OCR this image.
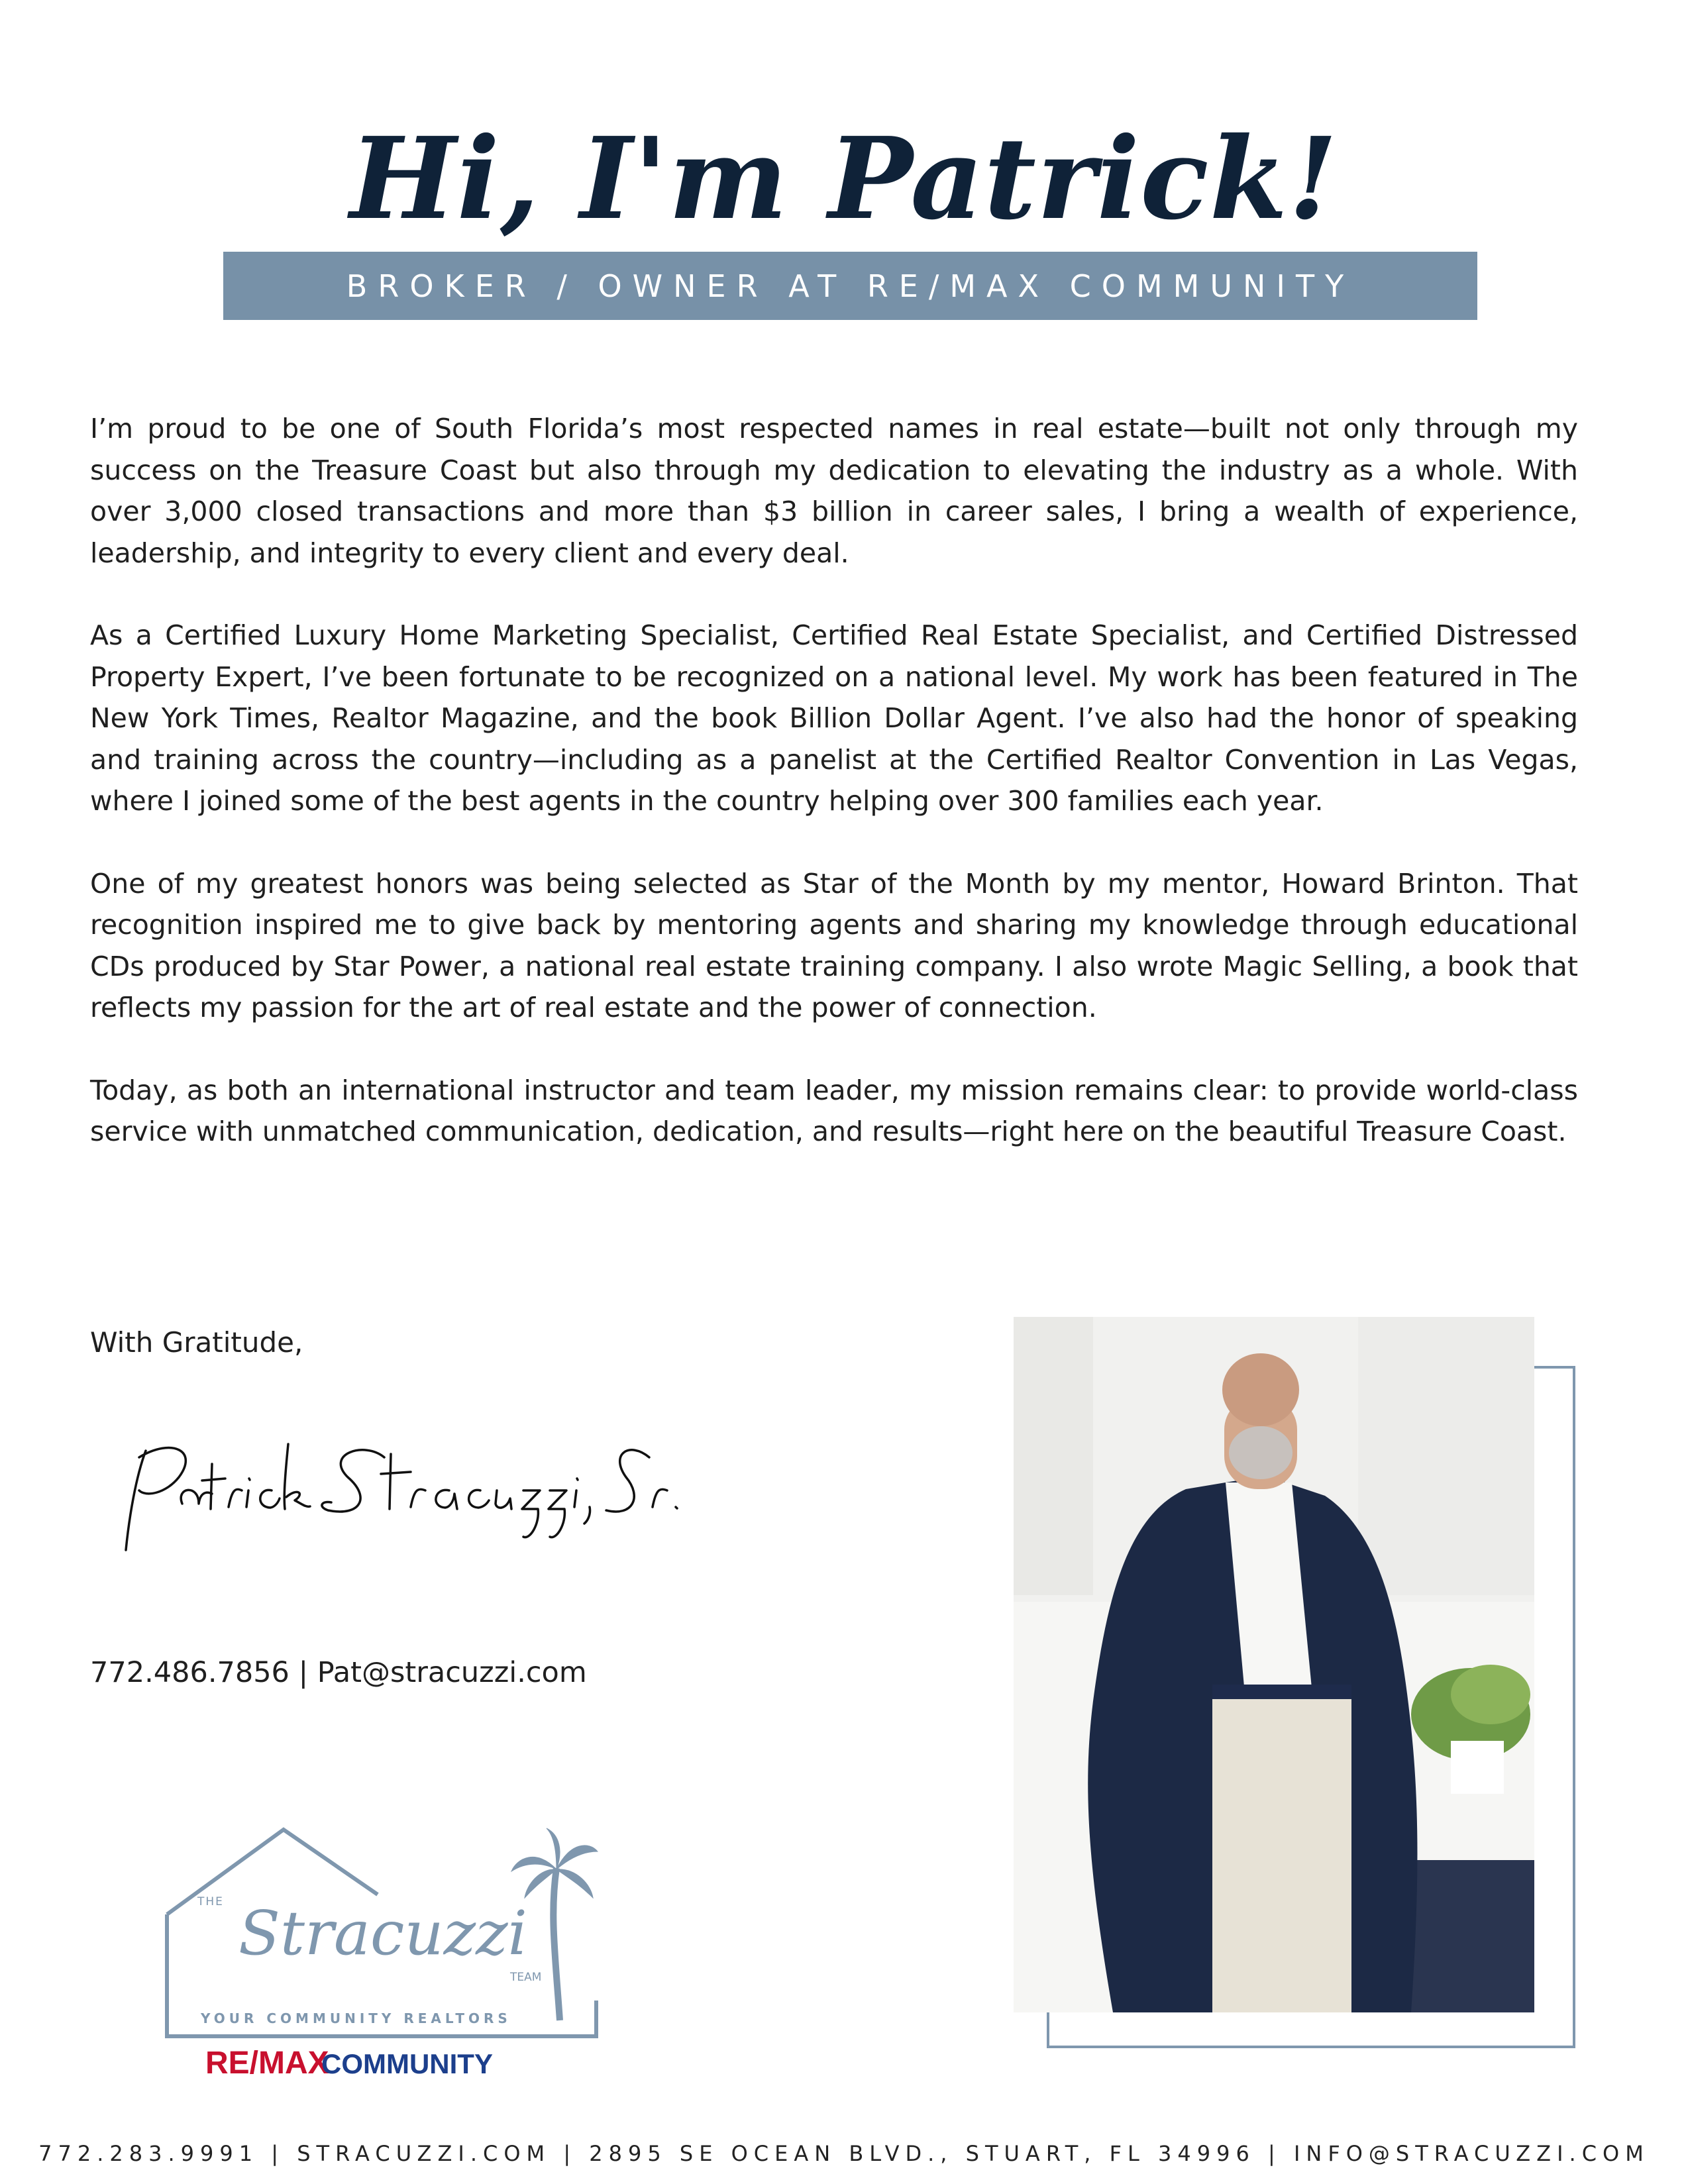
Hi, I'm Patrick!
BROKER / OWNER AT RE/MAX COMMUNITY

I’m proud to be one of South Florida’s most respected names in real estate—built not only through my success on the Treasure Coast but also through my dedication to elevating the industry as a whole. With over 3,000 closed transactions and more than $3 billion in career sales, I bring a wealth of experience, leadership, and integrity to every client and every deal.

As a Certified Luxury Home Marketing Specialist, Certified Real Estate Specialist, and Certified Distressed Property Expert, I’ve been fortunate to be recognized on a national level. My work has been featured in The New York Times, Realtor Magazine, and the book Billion Dollar Agent. I’ve also had the honor of speaking and training across the country—including as a panelist at the Certified Realtor Convention in Las Vegas, where I joined some of the best agents in the country helping over 300 families each year.

One of my greatest honors was being selected as Star of the Month by my mentor, Howard Brinton. That recognition inspired me to give back by mentoring agents and sharing my knowledge through educational CDs produced by Star Power, a national real estate training company. I also wrote Magic Selling, a book that reflects my passion for the art of real estate and the power of connection.

Today, as both an international instructor and team leader, my mission remains clear: to provide world-class service with unmatched communication, dedication, and results—right here on the beautiful Treasure Coast.

With Gratitude,
772.486.7856 | Pat@stracuzzi.com
THE Stracuzzi
TEAM
YOUR COMMUNITY REALTORS
RE/MAX
COMMUNITY
772.283.9991 | STRACUZZI.COM | 2895 SE OCEAN BLVD., STUART, FL 34996 | INFO@STRACUZZI.COM
